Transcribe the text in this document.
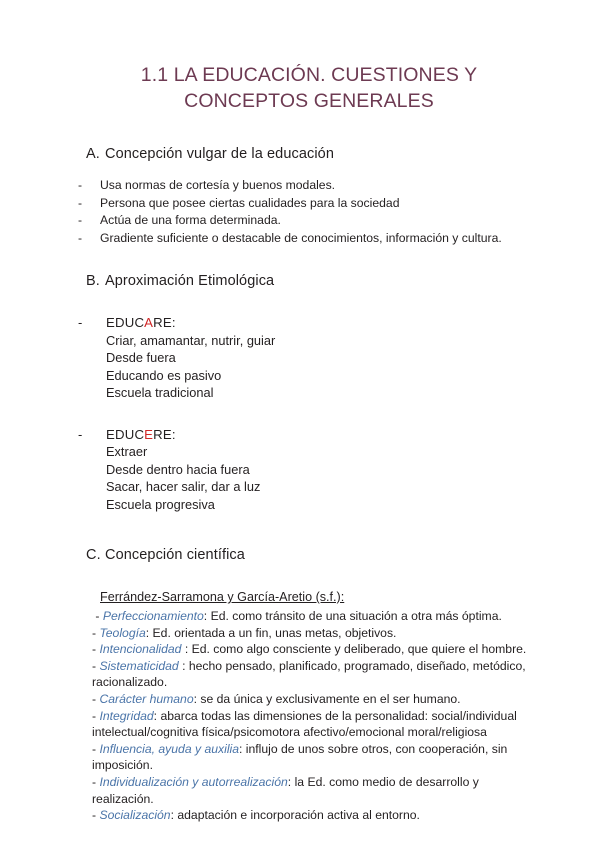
1.1 LA EDUCACIÓN. CUESTIONES Y CONCEPTOS GENERALES
A. Concepción vulgar de la educación
-	Usa normas de cortesía y buenos modales.
-	Persona que posee ciertas cualidades para la sociedad
-	Actúa de una forma determinada.
-	Gradiente suficiente o destacable de conocimientos, información y cultura.
B. Aproximación Etimológica
-	EDUCARE:
Criar, amamantar, nutrir, guiar
Desde fuera
Educando es pasivo
Escuela tradicional
-	EDUCERE:
Extraer
Desde dentro hacia fuera
Sacar, hacer salir, dar a luz
Escuela progresiva
C. Concepción científica
Ferrández-Sarramona y García-Aretio (s.f.):
- Perfeccionamiento: Ed. como tránsito de una situación a otra más óptima.
- Teología: Ed. orientada a un fin, unas metas, objetivos.
- Intencionalidad : Ed. como algo consciente y deliberado, que quiere el hombre.
- Sistematicidad : hecho pensado, planificado, programado, diseñado, metódico, racionalizado.
- Carácter humano: se da única y exclusivamente en el ser humano.
- Integridad: abarca todas las dimensiones de la personalidad: social/individual intelectual/cognitiva física/psicomotora afectivo/emocional moral/religiosa
- Influencia, ayuda y auxilia: influjo de unos sobre otros, con cooperación, sin imposición.
- Individualización y autorrealización: la Ed. como medio de desarrollo y realización.
- Socialización: adaptación e incorporación activa al entorno.
